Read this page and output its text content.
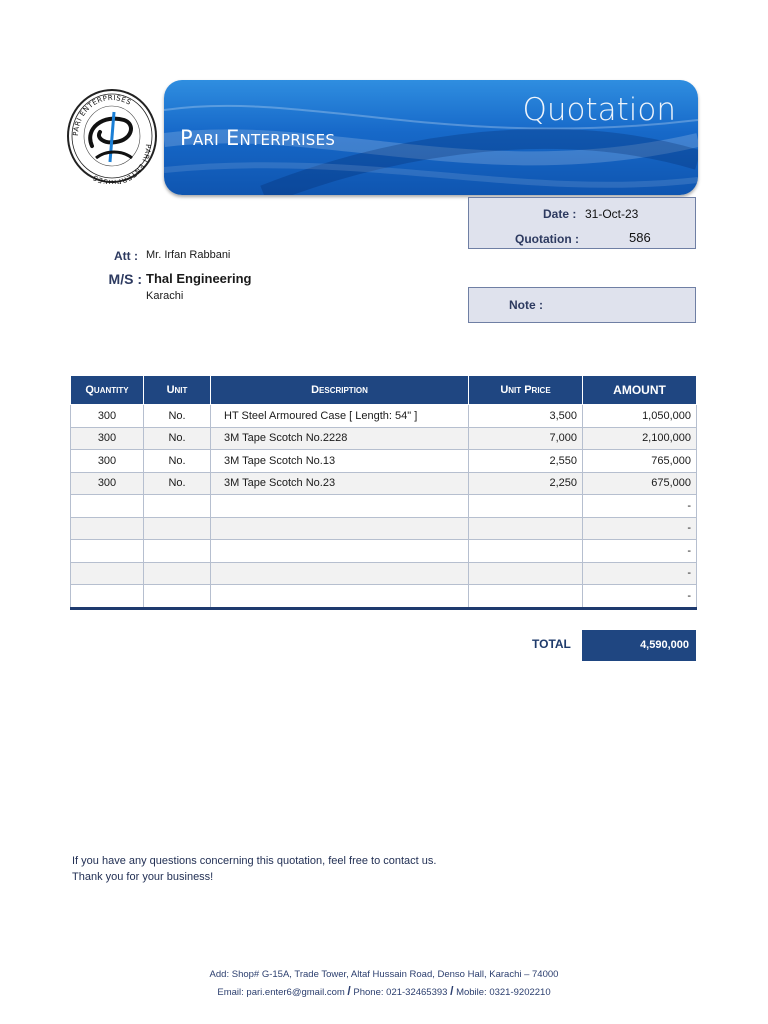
PARI ENTERPRISES
PARI ENTERPRISES
Pari Enterprises
Quotation
Date : 31-Oct-23
Quotation :	586
Note :
Att : Mr. Irfan Rabbani
M/S : Thal Engineering
Karachi
Quantity	Unit	Description	Unit Price	AMOUNT
300	No.	HT Steel Armoured Case [ Length: 54" ]	3,500	1,050,000
300	No.	3M Tape Scotch No.2228	7,000	2,100,000
300	No.	3M Tape Scotch No.13	2,550	765,000
300	No.	3M Tape Scotch No.23	2,250	675,000
				-
				-
				-
				-
				-
TOTAL	4,590,000
If you have any questions concerning this quotation, feel free to contact us.
Thank you for your business!
Add: Shop# G-15A, Trade Tower, Altaf Hussain Road, Denso Hall, Karachi – 74000
Email: pari.enter6@gmail.com / Phone: 021-32465393 / Mobile: 0321-9202210
